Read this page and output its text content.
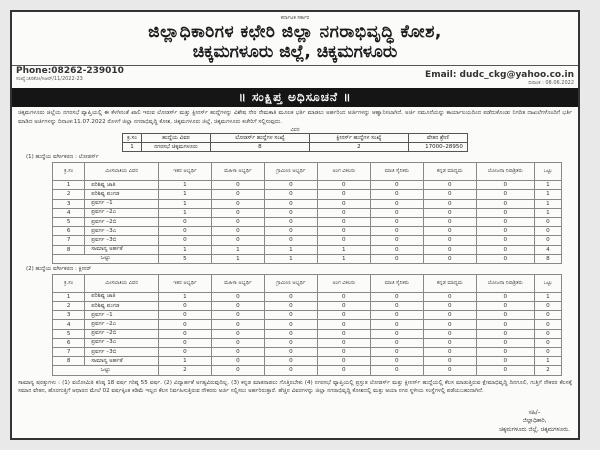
ಕರ್ನಾಟಕ ಸರ್ಕಾರ
ಜಿಲ್ಲಾಧಿಕಾರಿಗಳ ಕಛೇರಿ ಜಿಲ್ಲಾ ನಗರಾಭಿವೃದ್ಧಿ ಕೋಶ,
ಚಿಕ್ಕಮಗಳೂರು ಜಿಲ್ಲೆ, ಚಿಕ್ಕಮಗಳೂರು
Phone:08262-239010
ಸಂಖ್ಯೆ:ಜಿನಕೋ/ಸಿಆರ್/11/2022-23	Email: dudc_ckg@yahoo.co.in
ದಿನಾಂಕ : 08.06.2022
॥ ಸಂಕ್ಷಿಪ್ತ ಅಧಿಸೂಚನೆ ॥
ಚಿಕ್ಕಮಗಳೂರು ಜಿಲ್ಲೆಯ ನಗರಸಭೆ ವ್ಯಾಪ್ತಿಯಲ್ಲಿ ಈ ಕೆಳಗಿನಂತೆ ಖಾಲಿ ಇರುವ ಲೋಡರ್ಸ್ ಮತ್ತು ಕ್ಲೀನರ್ಸ್ ಹುದ್ದೆಗಳನ್ನು ವಿಶೇಷ ನೇರ ನೇಮಕಾತಿ ಮೂಲಕ ಭರ್ತಿ ಮಾಡಲು ಅರ್ಹರಿಂದ ಅರ್ಜಿಗಳನ್ನು ಆಹ್ವಾನಿಸಲಾಗಿದೆ. ಅರ್ಜಿ ನಮೂನೆಯನ್ನು ಕಾರ್ಯಾಲಯದಿಂದ ಪಡೆದುಕೊಂಡು ನಿಗದಿತ ದಾಖಲೆಗಳೊಂದಿಗೆ ಭರ್ತಿ ಮಾಡಿದ ಅರ್ಜಿಗಳನ್ನು ದಿನಾಂಕ:11.07.2022 ರೊಳಗೆ ಜಿಲ್ಲಾ ನಗರಾಭಿವೃದ್ಧಿ ಕೋಶ, ಚಿಕ್ಕಮಗಳೂರು ಜಿಲ್ಲೆ, ಚಿಕ್ಕಮಗಳೂರು ಕಚೇರಿಗೆ ಸಲ್ಲಿಸುವುದು.
ವಿವರ
ಕ್ರ.ಸಂ	ಹುದ್ದೆಯ ವಿವರ	ಲೋಡರ್ಸ್ ಹುದ್ದೆಗಳ ಸಂಖ್ಯೆ	ಕ್ಲೀನರ್ಸ್ ಹುದ್ದೆಗಳ ಸಂಖ್ಯೆ	ವೇತನ ಶ್ರೇಣಿ
1	ನಗರಸಭೆ ಚಿಕ್ಕಮಗಳೂರು	8	2	17000–28950
(1) ಹುದ್ದೆಯ ವರ್ಗೀಕರಣ : ಲೋಡರ್ಸ್
ಕ್ರ.ಸಂ	ಮೀಸಲಾತಿಯ ವಿವರ	ಇತರ ಅಭ್ಯರ್ಥಿ	ಮಹಿಳಾ ಅಭ್ಯರ್ಥಿ	ಗ್ರಾಮೀಣ ಅಭ್ಯರ್ಥಿ	ಅಂಗ ವಿಕಲರು	ಮಾಜಿ ಸೈನಿಕರು	ಕನ್ನಡ ಮಾಧ್ಯಮ	ಯೋಜನಾ ನಿರಾಶ್ರಿತರು	ಒಟ್ಟು
1	ಪರಿಶಿಷ್ಟ ಜಾತಿ	1	0	0	0	0	0	0	1
2	ಪರಿಶಿಷ್ಟ ಪಂಗಡ	1	0	0	0	0	0	0	1
3	ಪ್ರವರ್ಗ –1	1	0	0	0	0	0	0	1
4	ಪ್ರವರ್ಗ –2ಎ	1	0	0	0	0	0	0	1
5	ಪ್ರವರ್ಗ –2ಬಿ	0	0	0	0	0	0	0	0
6	ಪ್ರವರ್ಗ –3ಎ	0	0	0	0	0	0	0	0
7	ಪ್ರವರ್ಗ –3ಬಿ	0	0	0	0	0	0	0	0
8	ಸಾಮಾನ್ಯ ಅರ್ಹತೆ	1	1	1	1	0	0	0	4
ಒಟ್ಟು		5	1	1	1	0	0	0	8
(2) ಹುದ್ದೆಯ ವರ್ಗೀಕರಣ : ಕ್ಲೀನರ್
ಕ್ರ.ಸಂ	ಮೀಸಲಾತಿಯ ವಿವರ	ಇತರ ಅಭ್ಯರ್ಥಿ	ಮಹಿಳಾ ಅಭ್ಯರ್ಥಿ	ಗ್ರಾಮೀಣ ಅಭ್ಯರ್ಥಿ	ಅಂಗ ವಿಕಲರು	ಮಾಜಿ ಸೈನಿಕರು	ಕನ್ನಡ ಮಾಧ್ಯಮ	ಯೋಜನಾ ನಿರಾಶ್ರಿತರು	ಒಟ್ಟು
1	ಪರಿಶಿಷ್ಟ ಜಾತಿ	1	0	0	0	0	0	0	1
2	ಪರಿಶಿಷ್ಟ ಪಂಗಡ	0	0	0	0	0	0	0	0
3	ಪ್ರವರ್ಗ –1	0	0	0	0	0	0	0	0
4	ಪ್ರವರ್ಗ –2ಎ	0	0	0	0	0	0	0	0
5	ಪ್ರವರ್ಗ –2ಬಿ	0	0	0	0	0	0	0	0
6	ಪ್ರವರ್ಗ –3ಎ	0	0	0	0	0	0	0	0
7	ಪ್ರವರ್ಗ –3ಬಿ	0	0	0	0	0	0	0	0
8	ಸಾಮಾನ್ಯ ಅರ್ಹತೆ	1	0	0	0	0	0	0	1
ಒಟ್ಟು		2	0	0	0	0	0	0	2
ಸಾಮಾನ್ಯ ಷರತ್ತುಗಳು : (1) ವಯೋಮಿತಿ ಕನಿಷ್ಠ 18 ವರ್ಷ ಗರಿಷ್ಠ 55 ವರ್ಷ. (2) ವಿದ್ಯಾರ್ಹತೆ ಅಗತ್ಯವಿರುವುದಿಲ್ಲ. (3) ಕನ್ನಡ ಮಾತನಾಡಲು ಗೊತ್ತಿರಬೇಕು (4) ನಗರಸಭೆ ವ್ಯಾಪ್ತಿಯಲ್ಲಿ ಪ್ರಸ್ತುತ ಲೋಡರ್ಸ್ ಮತ್ತು ಕ್ಲೀನರ್ಸ್ ಹುದ್ದೆಯಲ್ಲಿ ಕೆಲಸ ಮಾಡುತ್ತಿರುವ ಕ್ಷೇಮಾಭಿವೃದ್ಧಿ ದಿನಗೂಲಿ, ಗುತ್ತಿಗೆ ನೌಕರರ ಕೆಲಸಕ್ಕೆ ಸಮಾನ ವೇತನ, ಹೊರಗುತ್ತಿಗೆ ಆಧಾರದ ಮೇಲೆ 02 ವರ್ಷಕ್ಕಿಂತ ಕಡಿಮೆ ಇಲ್ಲದ ಕೆಲಸ ನಿರ್ವಹಿಸುತ್ತಿರುವ ನೌಕರರು ಅರ್ಜಿ ಸಲ್ಲಿಸಲು ಅರ್ಹರಿರುತ್ತಾರೆ. ಹೆಚ್ಚಿನ ವಿವರಗಳನ್ನು ಜಿಲ್ಲಾ ನಗರಾಭಿವೃದ್ಧಿ ಕೋಶದಲ್ಲಿ ಮತ್ತು ಆಯಾ ನಗರ ಸ್ಥಳೀಯ ಸಂಸ್ಥೆಗಳಲ್ಲಿ ಪಡೆಯಬಹುದಾಗಿದೆ.
ಸಹಿ/–
ಜಿಲ್ಲಾಧಿಕಾರಿ,
ಚಿಕ್ಕಮಗಳೂರು ಜಿಲ್ಲೆ, ಚಿಕ್ಕಮಗಳೂರು.
